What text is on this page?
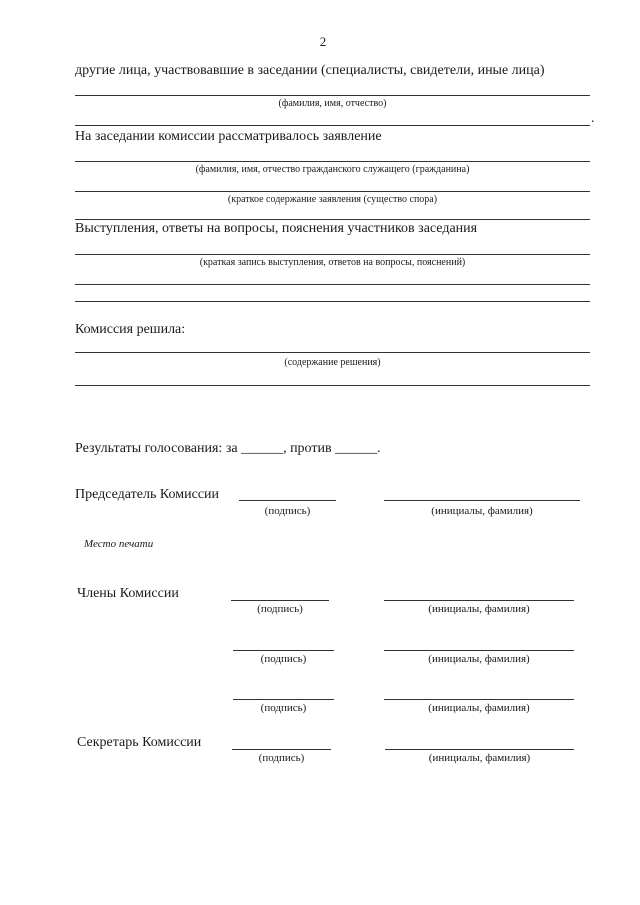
2
другие лица, участвовавшие в заседании (специалисты, свидетели, иные лица)
(фамилия, имя, отчество)
.
На заседании комиссии рассматривалось заявление
(фамилия, имя, отчество гражданского служащего (гражданина)
(краткое содержание заявления (существо спора)
Выступления, ответы на вопросы, пояснения участников заседания
(краткая запись выступления, ответов на вопросы, пояснений)
Комиссия решила:
(содержание решения)
Результаты голосования: за ______, против ______.
Председатель Комиссии
(подпись)	(инициалы, фамилия)
Место печати
Члены Комиссии
(подпись)	(инициалы, фамилия)
(подпись)	(инициалы, фамилия)
(подпись)	(инициалы, фамилия)
Секретарь Комиссии
(подпись)	(инициалы, фамилия)
